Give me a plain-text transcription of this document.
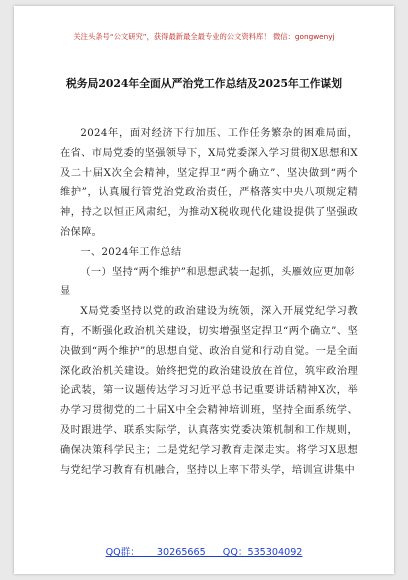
关注头条号“公文研究”，获得最新最全最专业的公文资料库！ 微信：gongwenyj
税务局2024年全面从严治党工作总结及2025年工作谋划

2024年，面对经济下行加压、工作任务繁杂的困难局面，在省、市局党委的坚强领导下，X局党委深入学习贯彻X思想和X及二十届X次全会精神，坚定捍卫“两个确立”、坚决做到“两个维护”，认真履行管党治党政治责任，严格落实中央八项规定精神，持之以恒正风肃纪，为推动X税收现代化建设提供了坚强政治保障。

一、2024年工作总结

（一）坚持“两个维护”和思想武装一起抓，头雁效应更加彰显

X局党委坚持以党的政治建设为统领，深入开展党纪学习教育，不断强化政治机关建设，切实增强坚定捍卫“两个确立”、坚决做到“两个维护”的思想自觉、政治自觉和行动自觉。一是全面深化政治机关建设。始终把党的政治建设放在首位，筑牢政治理论武装，第一议题传达学习习近平总书记重要讲话精神X次，举办学习贯彻党的二十届X中全会精神培训班，坚持全面系统学、及时跟进学、联系实际学，认真落实党委决策机制和工作规则，确保决策科学民主；二是党纪学习教育走深走实。将学习X思想与党纪学习教育有机融合，坚持以上率下带头学，培训宣讲集中

QQ群： 30265665 QQ：535304092
